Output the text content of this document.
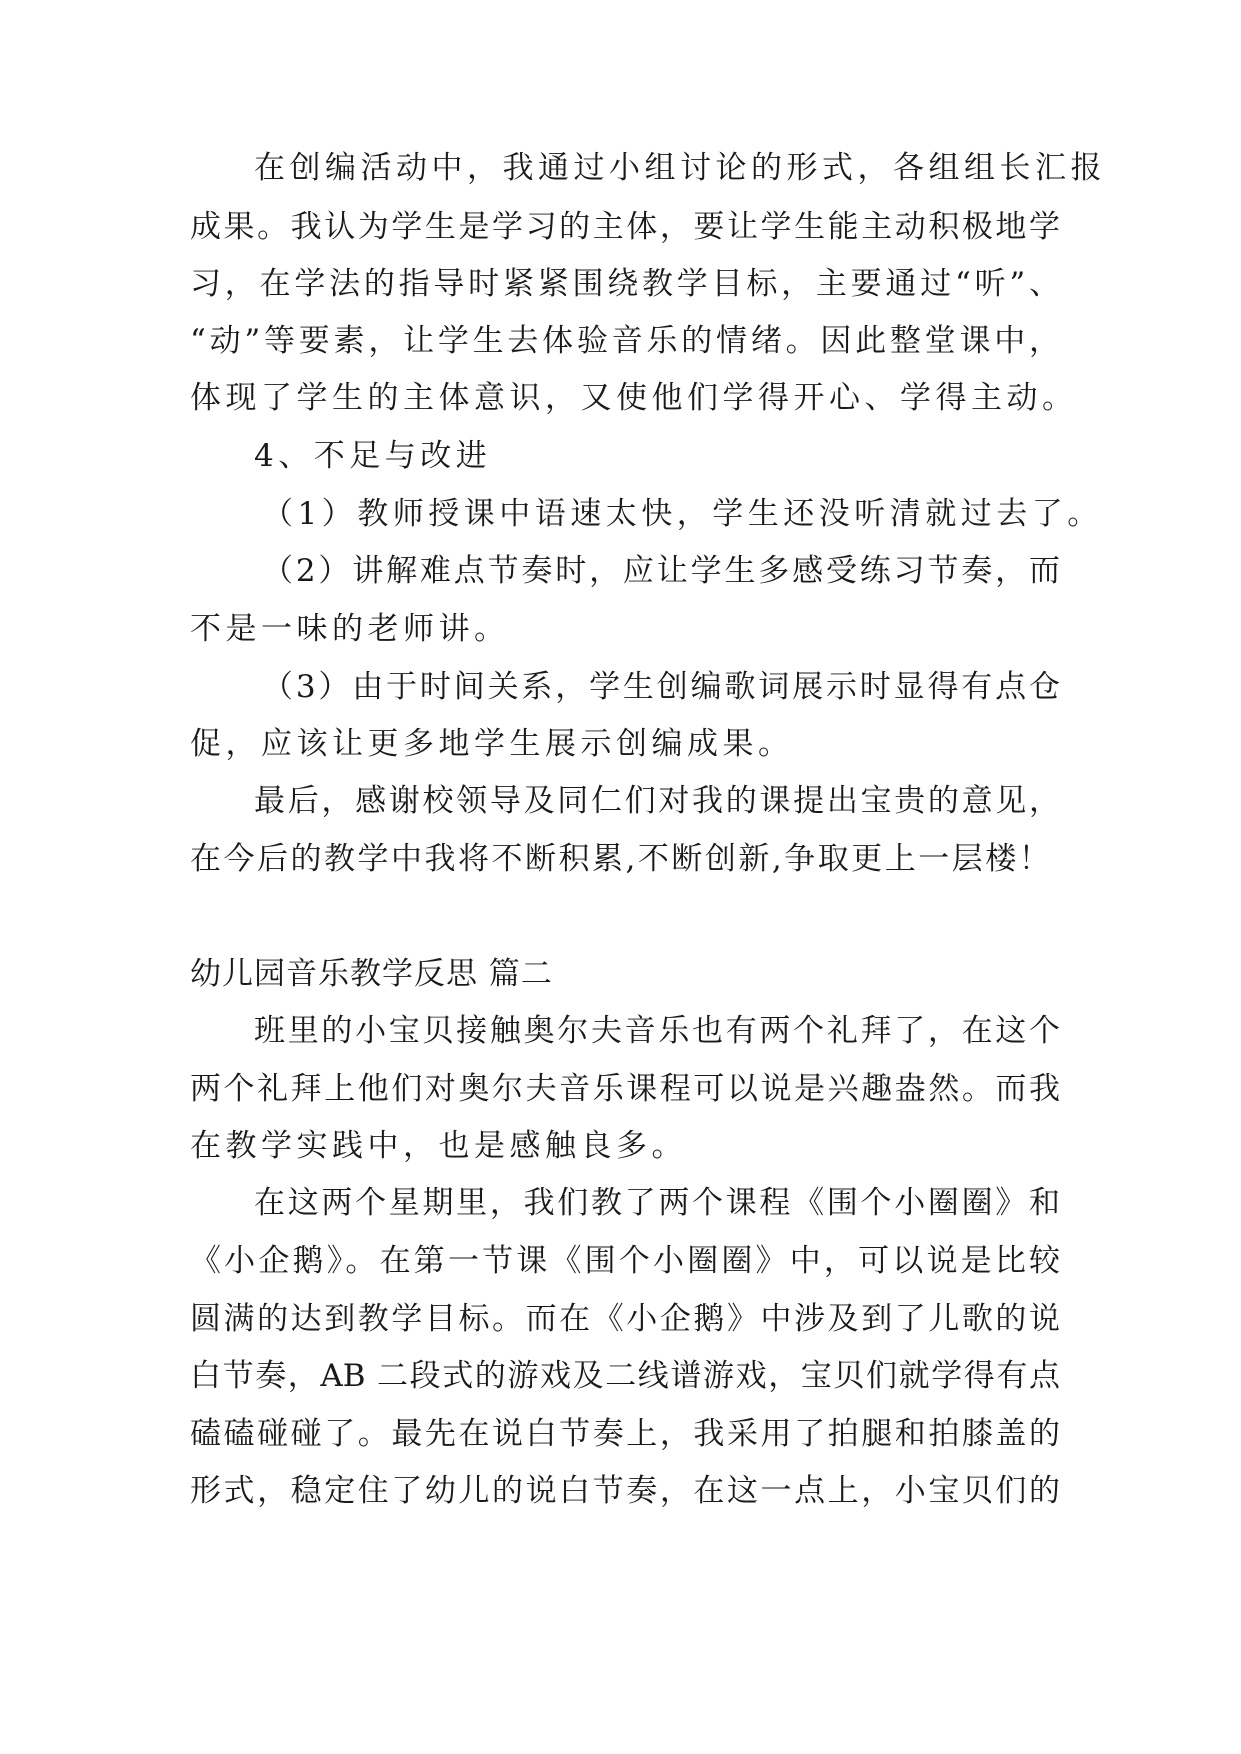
在创编活动中，我通过小组讨论的形式，各组组长汇报
成果。我认为学生是学习的主体，要让学生能主动积极地学
习，在学法的指导时紧紧围绕教学目标，主要通过“听”、
“动”等要素，让学生去体验音乐的情绪。因此整堂课中，
体现了学生的主体意识，又使他们学得开心、学得主动。
4、不足与改进
（1）教师授课中语速太快，学生还没听清就过去了。
（2）讲解难点节奏时，应让学生多感受练习节奏，而
不是一味的老师讲。
（3）由于时间关系，学生创编歌词展示时显得有点仓
促，应该让更多地学生展示创编成果。
最后，感谢校领导及同仁们对我的课提出宝贵的意见，
在今后的教学中我将不断积累,不断创新,争取更上一层楼！
幼儿园音乐教学反思 篇二
班里的小宝贝接触奥尔夫音乐也有两个礼拜了，在这个
两个礼拜上他们对奥尔夫音乐课程可以说是兴趣盎然。而我
在教学实践中，也是感触良多。
在这两个星期里，我们教了两个课程《围个小圈圈》和
《小企鹅》。在第一节课《围个小圈圈》中，可以说是比较
圆满的达到教学目标。而在《小企鹅》中涉及到了儿歌的说
白节奏，AB 二段式的游戏及二线谱游戏，宝贝们就学得有点
磕磕碰碰了。最先在说白节奏上，我采用了拍腿和拍膝盖的
形式，稳定住了幼儿的说白节奏，在这一点上，小宝贝们的
